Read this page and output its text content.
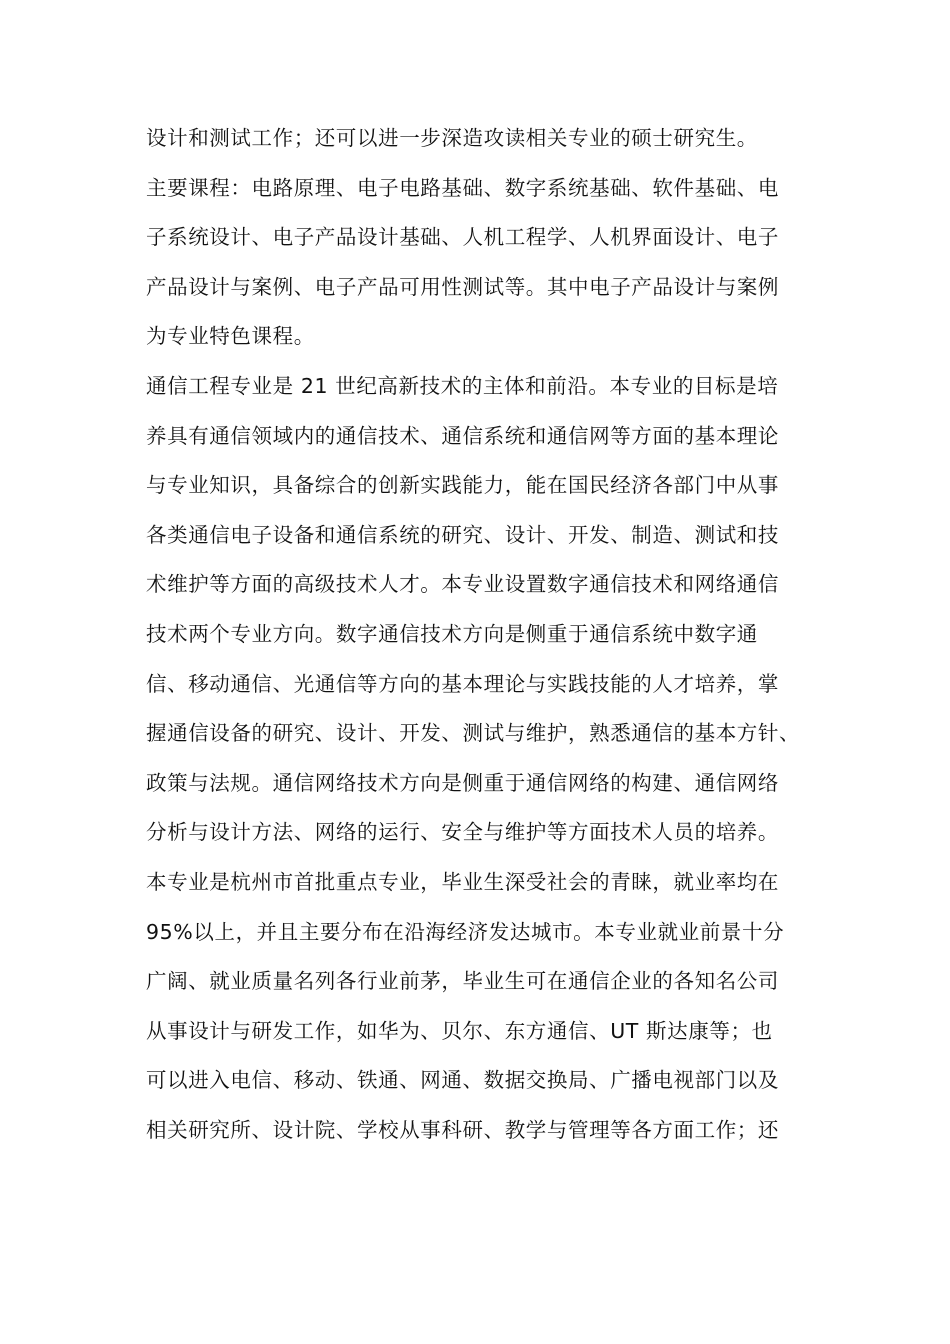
设计和测试工作；还可以进一步深造攻读相关专业的硕士研究生。
主要课程：电路原理、电子电路基础、数字系统基础、软件基础、电
子系统设计、电子产品设计基础、人机工程学、人机界面设计、电子
产品设计与案例、电子产品可用性测试等。其中电子产品设计与案例
为专业特色课程。
通信工程专业是 21 世纪高新技术的主体和前沿。本专业的目标是培
养具有通信领域内的通信技术、通信系统和通信网等方面的基本理论
与专业知识，具备综合的创新实践能力，能在国民经济各部门中从事
各类通信电子设备和通信系统的研究、设计、开发、制造、测试和技
术维护等方面的高级技术人才。本专业设置数字通信技术和网络通信
技术两个专业方向。数字通信技术方向是侧重于通信系统中数字通
信、移动通信、光通信等方向的基本理论与实践技能的人才培养，掌
握通信设备的研究、设计、开发、测试与维护，熟悉通信的基本方针、
政策与法规。通信网络技术方向是侧重于通信网络的构建、通信网络
分析与设计方法、网络的运行、安全与维护等方面技术人员的培养。
本专业是杭州市首批重点专业，毕业生深受社会的青睐，就业率均在
95%以上，并且主要分布在沿海经济发达城市。本专业就业前景十分
广阔、就业质量名列各行业前茅，毕业生可在通信企业的各知名公司
从事设计与研发工作，如华为、贝尔、东方通信、UT 斯达康等；也
可以进入电信、移动、铁通、网通、数据交换局、广播电视部门以及
相关研究所、设计院、学校从事科研、教学与管理等各方面工作；还
